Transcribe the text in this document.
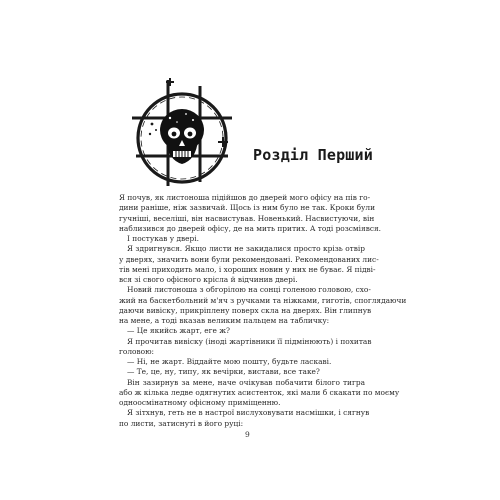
Розділ Перший
Я почув, як листоноша підійшов до дверей мого офісу на пів го-
дини раніше, ніж зазвичай. Щось із ним було не так. Кроки були
гучніші, веселіші, він насвистував. Новенький. Насвистуючи, він
наблизився до дверей офісу, де на мить притих. А тоді розсміявся.
І постукав у двері.
Я здригнувся. Якщо листи не закидалися просто крізь отвір
у дверях, значить вони були рекомендовані. Рекомендованих лис-
тів мені приходить мало, і хороших новин у них не буває. Я підві-
вся зі свого офісного крісла й відчинив двері.
Новий листоноша з обгорілою на сонці голеною головою, схо-
жий на баскетбольний м'яч з ручками та ніжками, гиготів, споглядаючи
даючи вивіску, прикріплену поверх скла на дверях. Він глипнув
на мене, а тоді вказав великим пальцем на табличку:
— Це якийсь жарт, еге ж?
Я прочитав вивіску (іноді жартівники її підмінюють) і похитав
головою:
— Ні, не жарт. Віддайте мою пошту, будьте ласкаві.
— Те, це, ну, типу, як вечірки, вистави, все таке?
Він зазирнув за мене, наче очікував побачити білого тигра
або ж кілька ледве одягнутих асистенток, які мали б скакати по моєму
одноосмінатному офісному приміщенню.
Я зітхнув, геть не в настрої вислуховувати насмішки, і сягнув
по листи, затиснуті в його руці:
9
